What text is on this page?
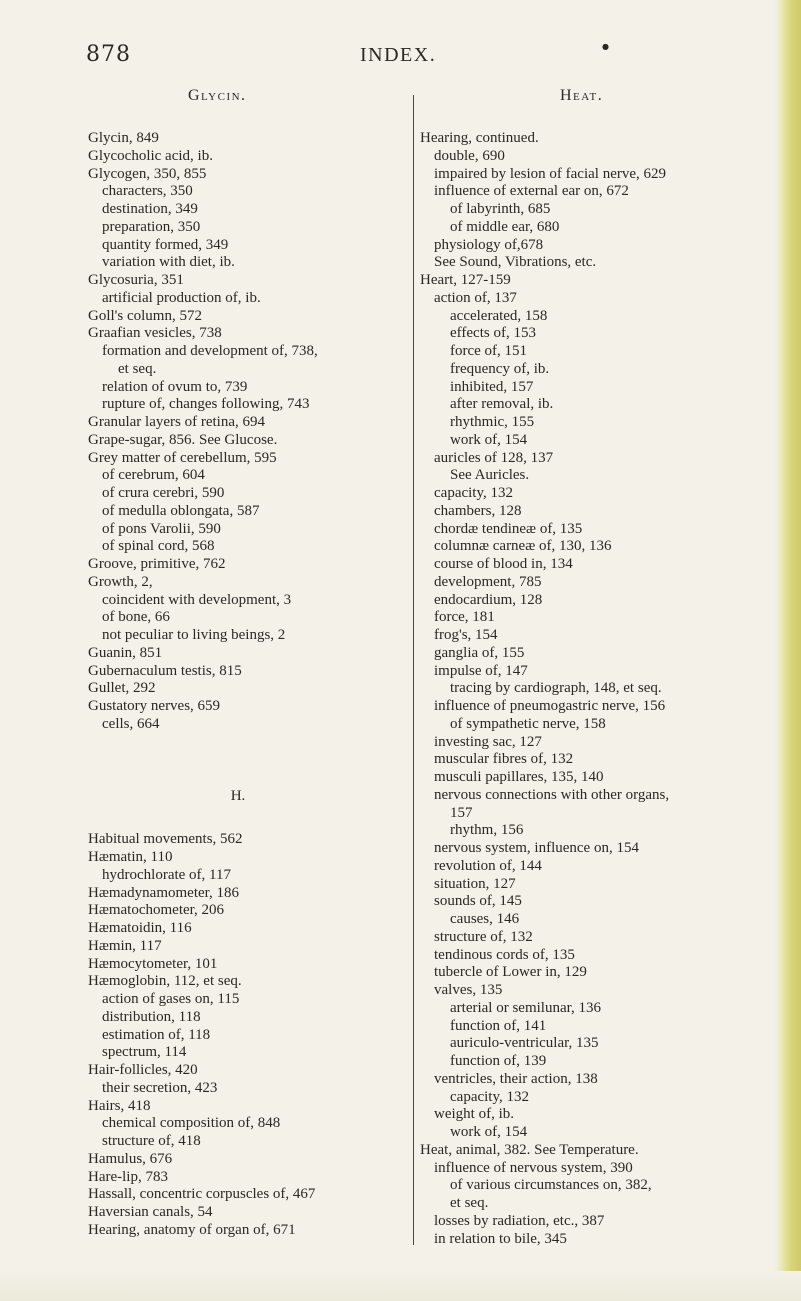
878	INDEX.	●
Glycin.	Heat.
Glycin, 849
Glycocholic acid, ib.
Glycogen, 350, 855
characters, 350
destination, 349
preparation, 350
quantity formed, 349
variation with diet, ib.
Glycosuria, 351
artificial production of, ib.
Goll's column, 572
Graafian vesicles, 738
formation and development of, 738,
et seq.
relation of ovum to, 739
rupture of, changes following, 743
Granular layers of retina, 694
Grape-sugar, 856. See Glucose.
Grey matter of cerebellum, 595
of cerebrum, 604
of crura cerebri, 590
of medulla oblongata, 587
of pons Varolii, 590
of spinal cord, 568
Groove, primitive, 762
Growth, 2,
coincident with development, 3
of bone, 66
not peculiar to living beings, 2
Guanin, 851
Gubernaculum testis, 815
Gullet, 292
Gustatory nerves, 659
cells, 664
H.
Habitual movements, 562
Hæmatin, 110
hydrochlorate of, 117
Hæmadynamometer, 186
Hæmatochometer, 206
Hæmatoidin, 116
Hæmin, 117
Hæmocytometer, 101
Hæmoglobin, 112, et seq.
action of gases on, 115
distribution, 118
estimation of, 118
spectrum, 114
Hair-follicles, 420
their secretion, 423
Hairs, 418
chemical composition of, 848
structure of, 418
Hamulus, 676
Hare-lip, 783
Hassall, concentric corpuscles of, 467
Haversian canals, 54
Hearing, anatomy of organ of, 671
Hearing, continued.
double, 690
impaired by lesion of facial nerve, 629
influence of external ear on, 672
of labyrinth, 685
of middle ear, 680
physiology of,678
See Sound, Vibrations, etc.
Heart, 127-159
action of, 137
accelerated, 158
effects of, 153
force of, 151
frequency of, ib.
inhibited, 157
after removal, ib.
rhythmic, 155
work of, 154
auricles of 128, 137
See Auricles.
capacity, 132
chambers, 128
chordæ tendineæ of, 135
columnæ carneæ of, 130, 136
course of blood in, 134
development, 785
endocardium, 128
force, 181
frog's, 154
ganglia of, 155
impulse of, 147
tracing by cardiograph, 148, et seq.
influence of pneumogastric nerve, 156
of sympathetic nerve, 158
investing sac, 127
muscular fibres of, 132
musculi papillares, 135, 140
nervous connections with other organs,
157
rhythm, 156
nervous system, influence on, 154
revolution of, 144
situation, 127
sounds of, 145
causes, 146
structure of, 132
tendinous cords of, 135
tubercle of Lower in, 129
valves, 135
arterial or semilunar, 136
function of, 141
auriculo-ventricular, 135
function of, 139
ventricles, their action, 138
capacity, 132
weight of, ib.
work of, 154
Heat, animal, 382. See Temperature.
influence of nervous system, 390
of various circumstances on, 382,
et seq.
losses by radiation, etc., 387
in relation to bile, 345
